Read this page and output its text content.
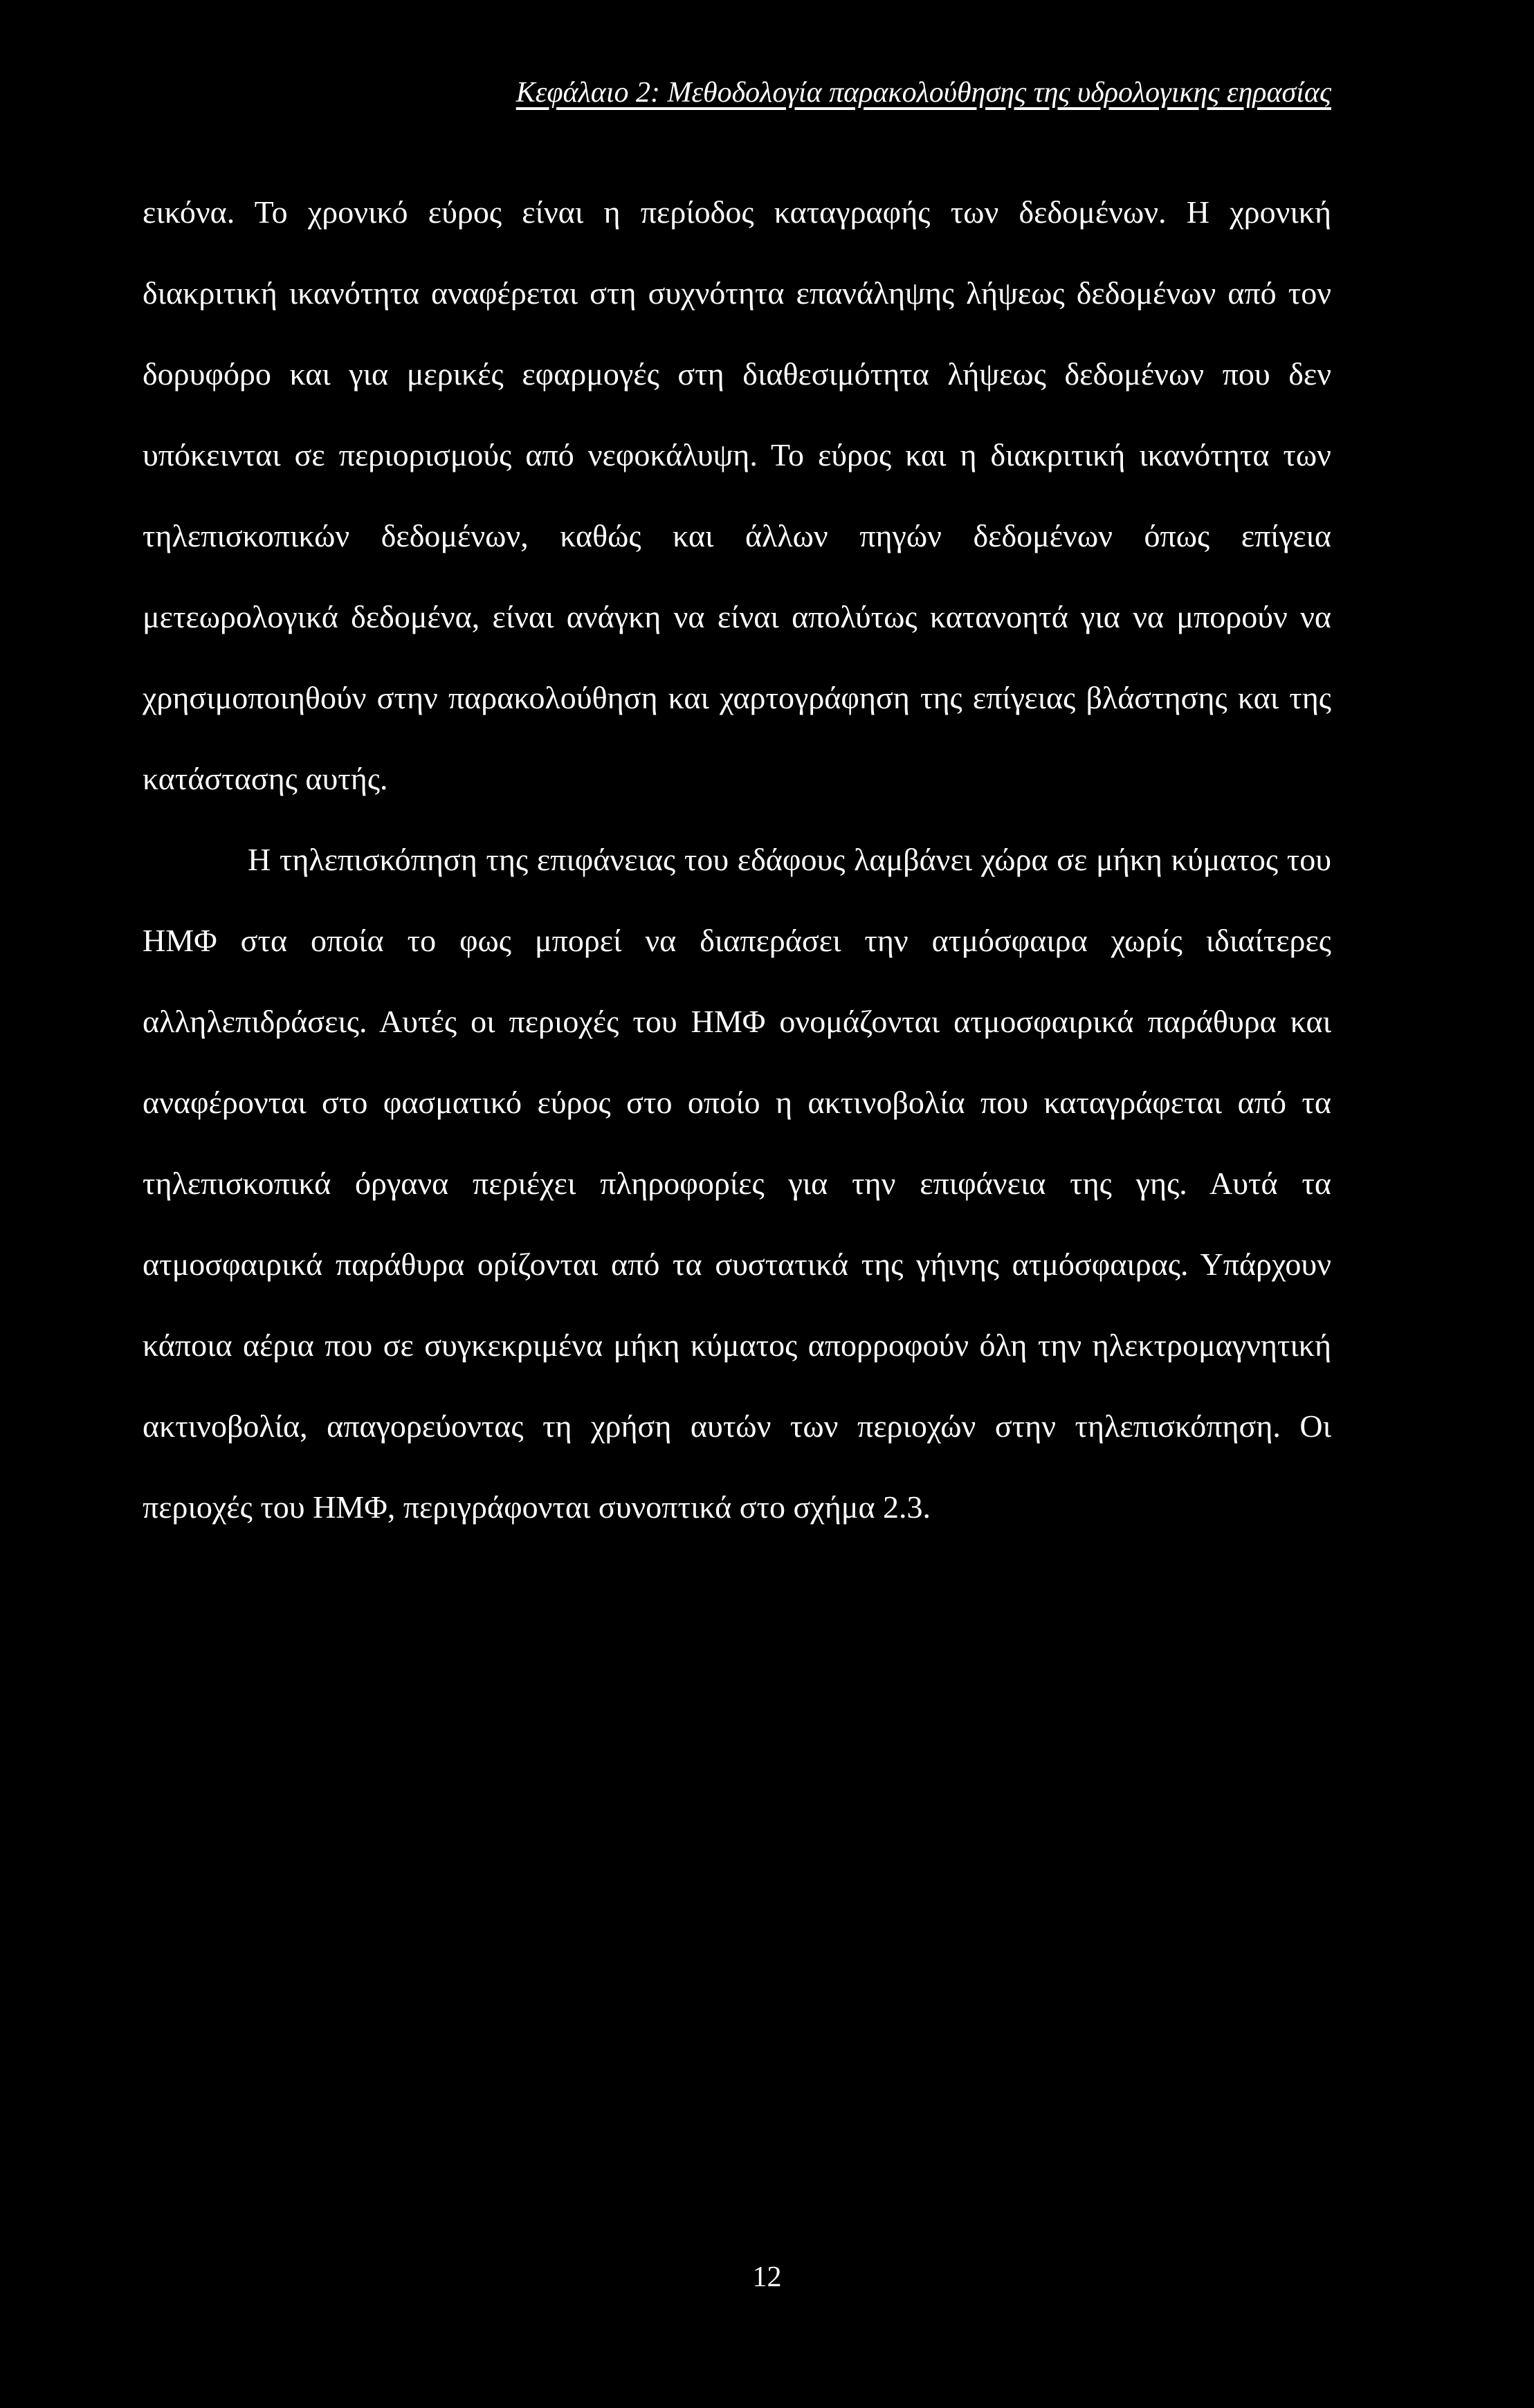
Κεφάλαιο 2: Μεθοδολογία παρακολούθησης της υδρολογικης εηρασίας

εικόνα. Το χρονικό εύρος είναι η περίοδος καταγραφής των δεδομένων. Η χρονική διακριτική ικανότητα αναφέρεται στη συχνότητα επανάληψης λήψεως δεδομένων από τον δορυφόρο και για μερικές εφαρμογές στη διαθεσιμότητα λήψεως δεδομένων που δεν υπόκεινται σε περιορισμούς από νεφοκάλυψη. Το εύρος και η διακριτική ικανότητα των τηλεπισκοπικών δεδομένων, καθώς και άλλων πηγών δεδομένων όπως επίγεια μετεωρολογικά δεδομένα, είναι ανάγκη να είναι απολύτως κατανοητά για να μπορούν να χρησιμοποιηθούν στην παρακολούθηση και χαρτογράφηση της επίγειας βλάστησης και της κατάστασης αυτής.

Η τηλεπισκόπηση της επιφάνειας του εδάφους λαμβάνει χώρα σε μήκη κύματος του ΗΜΦ στα οποία το φως μπορεί να διαπεράσει την ατμόσφαιρα χωρίς ιδιαίτερες αλληλεπιδράσεις. Αυτές οι περιοχές του ΗΜΦ ονομάζονται ατμοσφαιρικά παράθυρα και αναφέρονται στο φασματικό εύρος στο οποίο η ακτινοβολία που καταγράφεται από τα τηλεπισκοπικά όργανα περιέχει πληροφορίες για την επιφάνεια της γης. Αυτά τα ατμοσφαιρικά παράθυρα ορίζονται από τα συστατικά της γήινης ατμόσφαιρας. Υπάρχουν κάποια αέρια που σε συγκεκριμένα μήκη κύματος απορροφούν όλη την ηλεκτρομαγνητική ακτινοβολία, απαγορεύοντας τη χρήση αυτών των περιοχών στην τηλεπισκόπηση. Οι περιοχές του ΗΜΦ, περιγράφονται συνοπτικά στο σχήμα 2.3.

12
